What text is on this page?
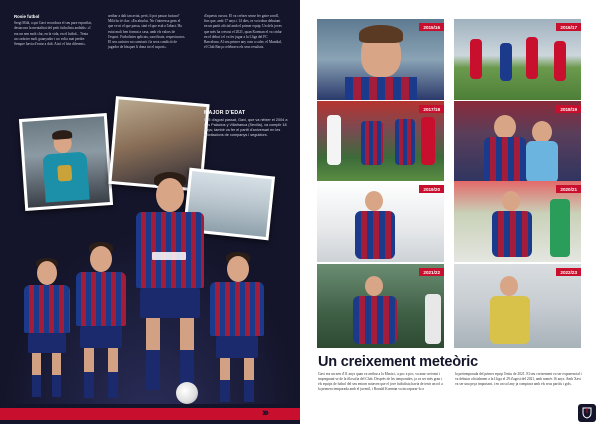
Rosie futbol
Sergi Milà, a qui Gavi recordava el seu pare espavilat, destacava la mentalitat del petit futbolista andalús: «I era un nen molt clar, en la vida, en el futbol... Tenia un caràcter molt guanyador i no volia mai perdre. Sempre havia d'estar a dalt. Això el feia diferent».
arribar a dalt tan aviat, però, li pot passar factura? Milà ho té clar: «En absolut. No t'interessa gens el que ve ni el que passa, sinó el que està a l'abast. Ha estat molt ben format a casa, amb els valors de l'esport. Futbolistes aplicats, sacrificats, respectuosos. El seu caràcter no canviarà i la seva condició de jugador de bàsquet li dona tot el suport».
d'aquests cursos. El va créixer sense fer gaire soroll, fins que, amb 17 anys i 14 dies, es va trobar debutant en un partit oficial amb el primer equip. Un dels joves que més ha crescut el 2021, quan Koeman el va cridar en el debut i el va fer jugar a la Lliga del FC Barcelona. Al seu primer any com a culer, el Mundial, el Club Barça celebrava els seus resultats.
MAJOR D'EDAT
El 5 d'agost passat, Gavi, que va néixer el 2004 a Los Palacios y Villafranca (Sevilla), va complir 18 anys; també va fer el partit d'aniversari en les felicitacions de companys i seguidors.
2015/16	2016/17
2017/18	2018/19
2019/20	2020/21
2021/22	2022/23
Un creixement meteòric
Gavi era un nen d'11 anys quan va arribar a la Masia i, a poc a poc, va anar creixent i impregnant-se de la filosofia del Club. Després de les temporades, ja va ser més gran i els equips de futbol del seu entorn notaven que el jove futbolista havia de tenir un rol a la primera temporada amb el juvenil, i Ronald Koeman va incorporar-lo a
la pretemporada del primer equip l'estiu de 2021. El seu creixement va ser exponencial i va debutar oficialment a la Lliga el 29 d'agost del 2021, amb només 16 anys. Amb Xavi va ser una peça important, i en un sol any ja comptava amb els seus partits i gols.
›››
